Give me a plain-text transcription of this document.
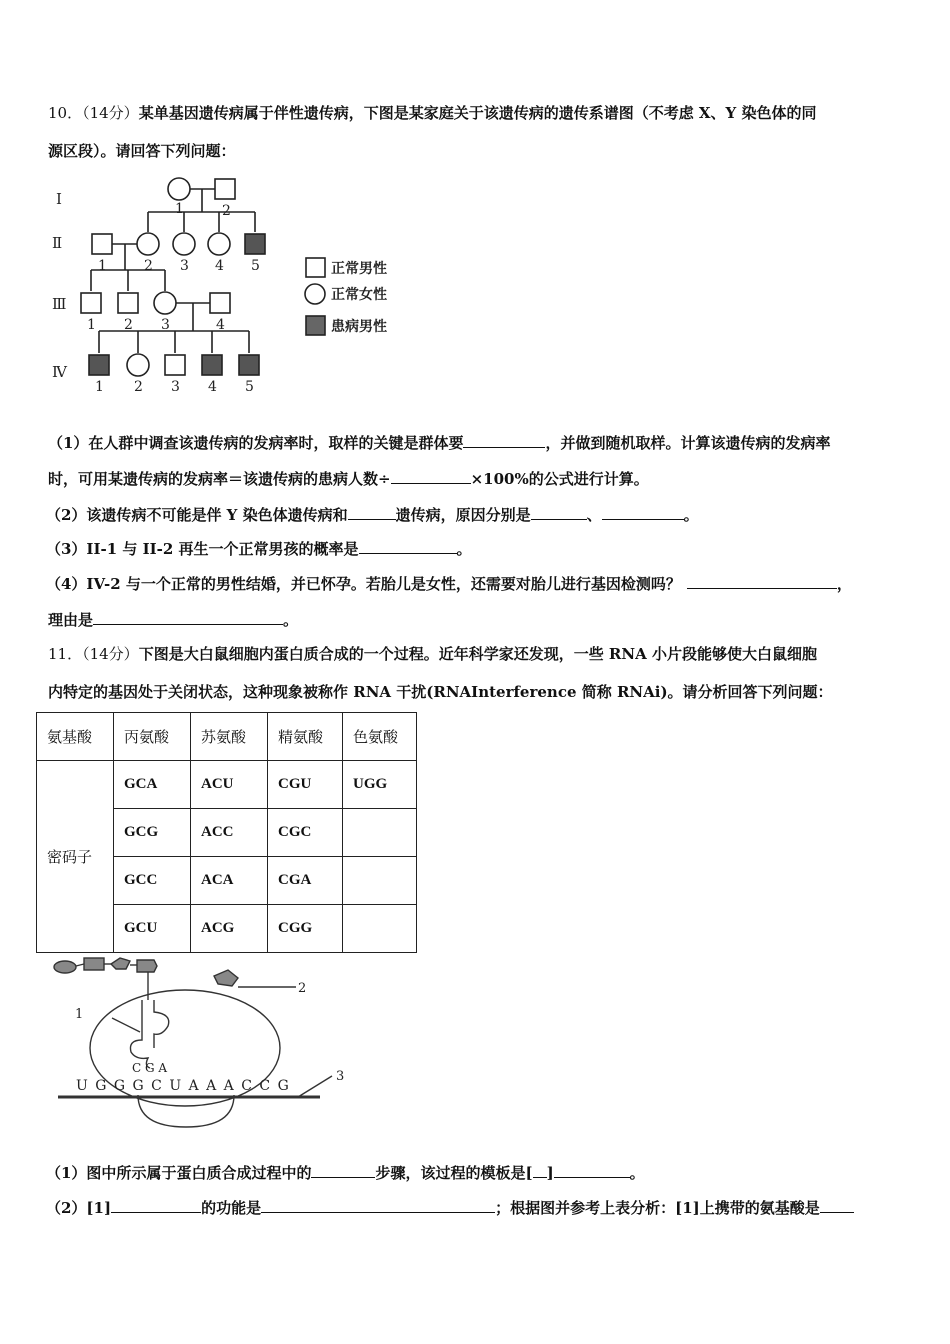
10．（14分）某单基因遗传病属于伴性遗传病，下图是某家庭关于该遗传病的遗传系谱图（不考虑 X、Y 染色体的同
源区段）。请回答下列问题：
Ⅰ
Ⅱ
Ⅲ
Ⅳ
1	2
1	2 3 4 5
1 2 3	4
1 2 3 4 5
正常男性
正常女性
患病男性
（1）在人群中调查该遗传病的发病率时，取样的关键是群体要	，并做到随机取样。计算该遗传病的发病率
时，可用某遗传病的发病率＝该遗传病的患病人数÷	×100%的公式进行计算。
（2）该遗传病不可能是伴 Y 染色体遗传病和	遗传病，原因分别是	、	。
（3）II-1 与 II-2 再生一个正常男孩的概率是	。
（4）IV-2 与一个正常的男性结婚，并已怀孕。若胎儿是女性，还需要对胎儿进行基因检测吗？	，
理由是	。
11．（14分）下图是大白鼠细胞内蛋白质合成的一个过程。近年科学家还发现，一些 RNA 小片段能够使大白鼠细胞
内特定的基因处于关闭状态，这种现象被称作 RNA 干扰(RNAInterference 简称 RNAi)。请分析回答下列问题：
氨基酸	丙氨酸	苏氨酸	精氨酸	色氨酸
密码子	GCA	ACU	CGU	UGG
	GCG	ACC	CGC	
	GCC	ACA	CGA	
	GCU	ACG	CGG	
1
2
3
C G A
U G G G C U A A A C C G
（1）图中所示属于蛋白质合成过程中的	步骤，该过程的模板是[ ]	。
（2）[1]	的功能是	；根据图并参考上表分析：[1]上携带的氨基酸是
